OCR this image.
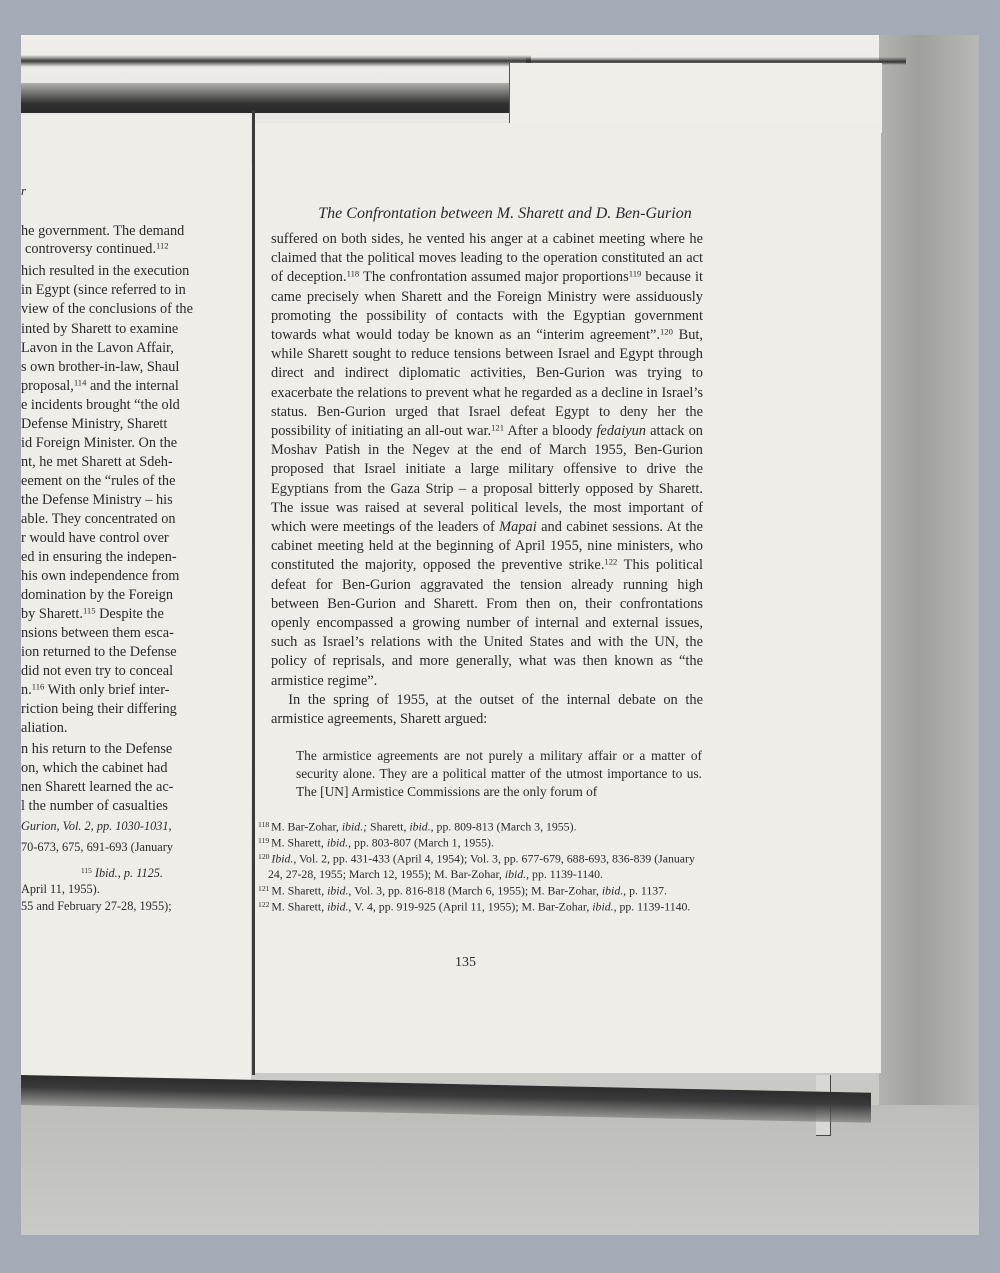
r
he government. The demand
controversy continued.$^{112}$
hich resulted in the execution
in Egypt (since referred to in
view of the conclusions of the
inted by Sharett to examine
Lavon in the Lavon Affair,
s own brother-in-law, Shaul
proposal,$^{114}$ and the internal
e incidents brought “the old
Defense Ministry, Sharett
id Foreign Minister. On the
nt, he met Sharett at Sdeh-
eement on the “rules of the
the Defense Ministry – his
able. They concentrated on
r would have control over
ed in ensuring the indepen-
his own independence from
domination by the Foreign
by Sharett.$^{115}$ Despite the
nsions between them esca-
ion returned to the Defense
did not even try to conceal
n.$^{116}$ With only brief inter-
riction being their differing
aliation.
n his return to the Defense
on, which the cabinet had
nen Sharett learned the ac-
l the number of casualties
Gurion, Vol. 2, pp. 1030-1031,
70-673, 675, 691-693 (January
$^{115}$ Ibid., p. 1125.
April 11, 1955).
55 and February 27-28, 1955);
The Confrontation between M. Sharett and D. Ben-Gurion

suffered on both sides, he vented his anger at a cabinet meeting where he claimed that the political moves leading to the operation constituted an act of deception.$^{118}$ The confrontation assumed major proportions$^{119}$ because it came precisely when Sharett and the Foreign Ministry were assiduously promoting the possibility of contacts with the Egyptian government towards what would today be known as an “interim agreement”.$^{120}$ But, while Sharett sought to reduce tensions between Israel and Egypt through direct and indirect diplomatic activities, Ben-Gurion was trying to exacerbate the relations to prevent what he regarded as a decline in Israel’s status. Ben-Gurion urged that Israel defeat Egypt to deny her the possibility of initiating an all-out war.$^{121}$ After a bloody fedaiyun attack on Moshav Patish in the Negev at the end of March 1955, Ben-Gurion proposed that Israel initiate a large military offensive to drive the Egyptians from the Gaza Strip – a proposal bitterly opposed by Sharett. The issue was raised at several political levels, the most important of which were meetings of the leaders of Mapai and cabinet sessions. At the cabinet meeting held at the beginning of April 1955, nine ministers, who constituted the majority, opposed the preventive strike.$^{122}$ This political defeat for Ben-Gurion aggravated the tension already running high between Ben-Gurion and Sharett. From then on, their confrontations openly encompassed a growing number of internal and external issues, such as Israel’s relations with the United States and with the UN, the policy of reprisals, and more generally, what was then known as “the armistice regime”.

In the spring of 1955, at the outset of the internal debate on the armistice agreements, Sharett argued:

The armistice agreements are not purely a military affair or a matter of security alone. They are a political matter of the utmost importance to us. The [UN] Armistice Commissions are the only forum of

$^{118}$ M. Bar-Zohar, ibid.; Sharett, ibid., pp. 809-813 (March 3, 1955).

$^{119}$ M. Sharett, ibid., pp. 803-807 (March 1, 1955).

$^{120}$ Ibid., Vol. 2, pp. 431-433 (April 4, 1954); Vol. 3, pp. 677-679, 688-693, 836-839 (January 24, 27-28, 1955; March 12, 1955); M. Bar-Zohar, ibid., pp. 1139-1140.

$^{121}$ M. Sharett, ibid., Vol. 3, pp. 816-818 (March 6, 1955); M. Bar-Zohar, ibid., p. 1137.

$^{122}$ M. Sharett, ibid., V. 4, pp. 919-925 (April 11, 1955); M. Bar-Zohar, ibid., pp. 1139-1140.

135
